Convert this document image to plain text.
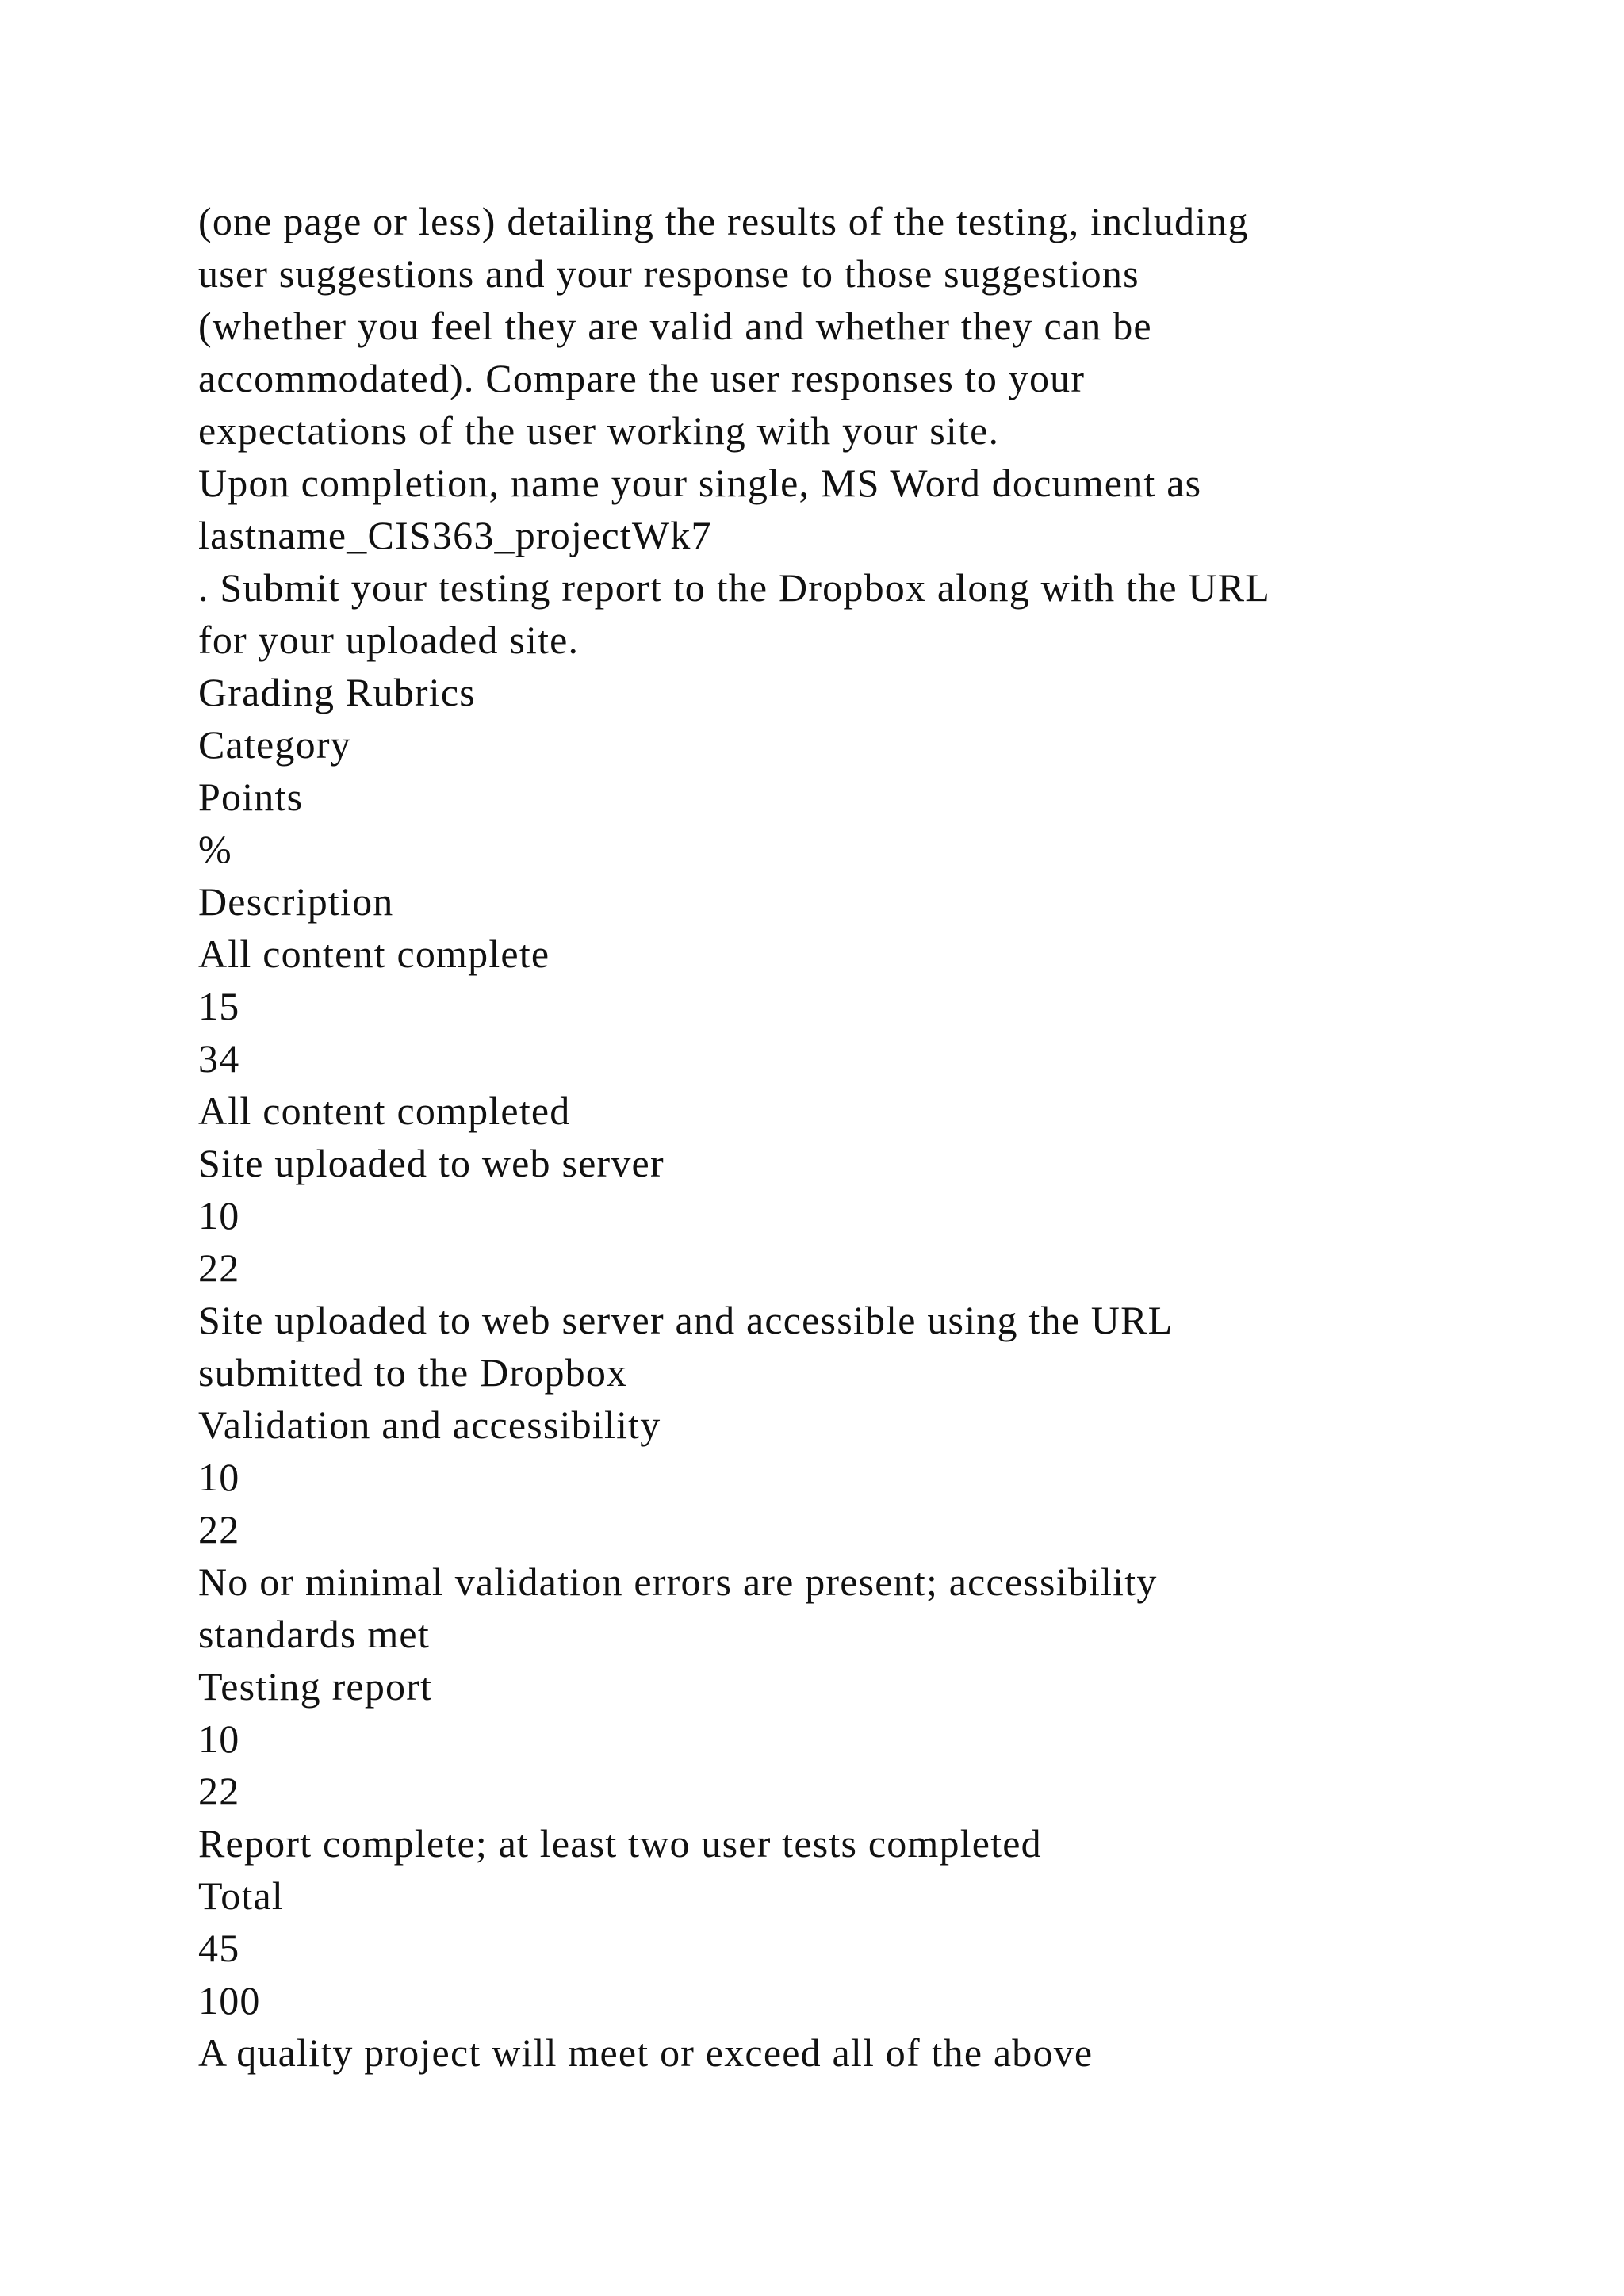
(one page or less) detailing the results of the testing, including
user suggestions and your response to those suggestions
(whether you feel they are valid and whether they can be
accommodated). Compare the user responses to your
expectations of the user working with your site.
Upon completion, name your single, MS Word document as
lastname_CIS363_projectWk7
. Submit your testing report to the Dropbox along with the URL
for your uploaded site.
Grading Rubrics
Category
Points
%
Description
All content complete
15
34
All content completed
Site uploaded to web server
10
22
Site uploaded to web server and accessible using the URL
submitted to the Dropbox
Validation and accessibility
10
22
No or minimal validation errors are present; accessibility
standards met
Testing report
10
22
Report complete; at least two user tests completed
Total
45
100
A quality project will meet or exceed all of the above
